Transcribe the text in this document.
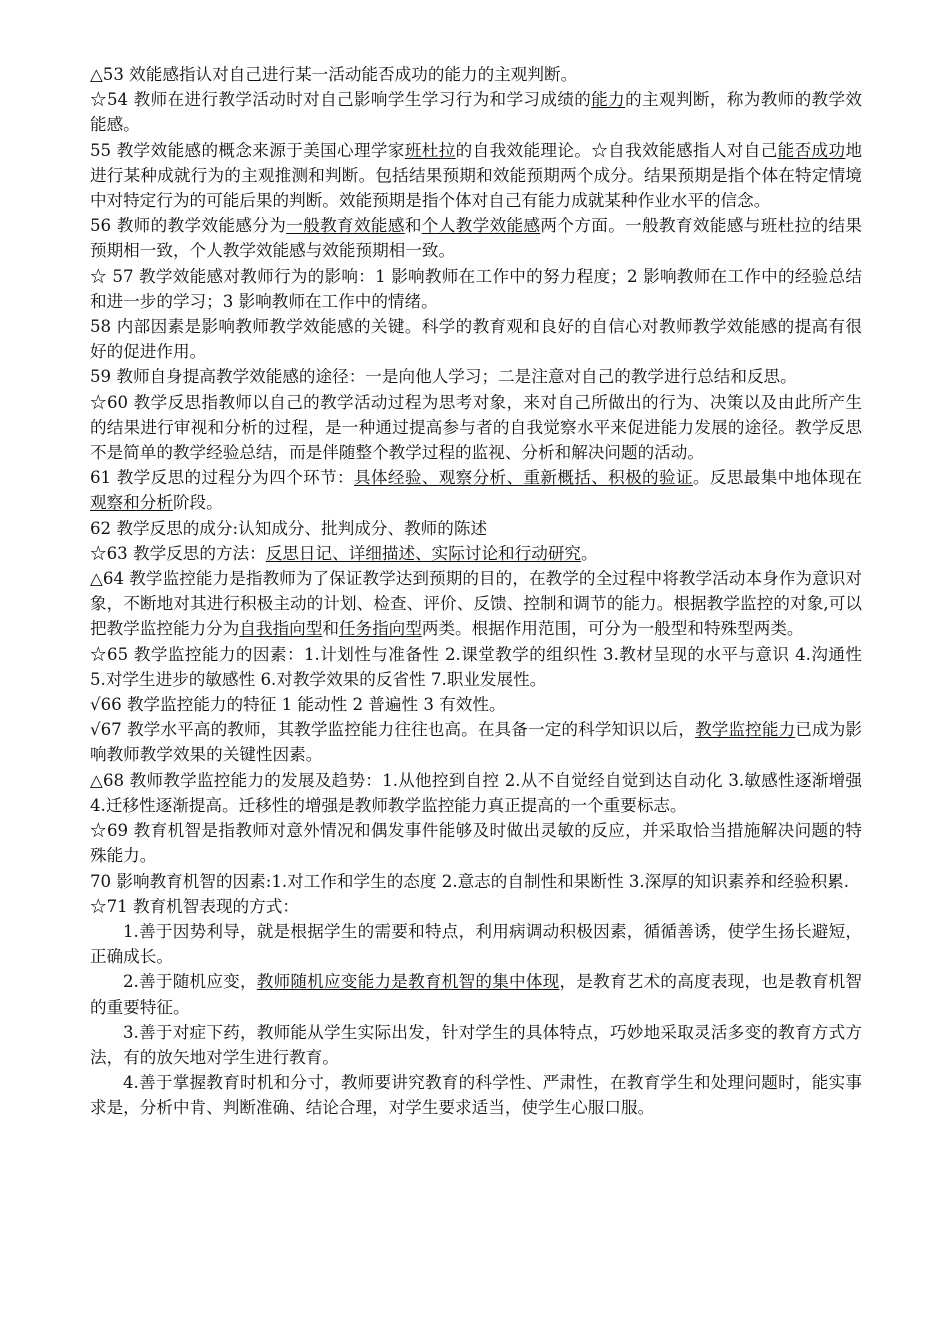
△53 效能感指认对自己进行某一活动能否成功的能力的主观判断。

☆54 教师在进行教学活动时对自己影响学生学习行为和学习成绩的能力的主观判断，称为教师的教学效能感。

55 教学效能感的概念来源于美国心理学家班杜拉的自我效能理论。☆自我效能感指人对自己能否成功地进行某种成就行为的主观推测和判断。包括结果预期和效能预期两个成分。结果预期是指个体在特定情境中对特定行为的可能后果的判断。效能预期是指个体对自己有能力成就某种作业水平的信念。

56 教师的教学效能感分为一般教育效能感和个人教学效能感两个方面。一般教育效能感与班杜拉的结果预期相一致，个人教学效能感与效能预期相一致。

☆ 57 教学效能感对教师行为的影响：1 影响教师在工作中的努力程度；2 影响教师在工作中的经验总结和进一步的学习；3 影响教师在工作中的情绪。

58 内部因素是影响教师教学效能感的关键。科学的教育观和良好的自信心对教师教学效能感的提高有很好的促进作用。

59 教师自身提高教学效能感的途径：一是向他人学习；二是注意对自己的教学进行总结和反思。

☆60 教学反思指教师以自己的教学活动过程为思考对象，来对自己所做出的行为、决策以及由此所产生的结果进行审视和分析的过程，是一种通过提高参与者的自我觉察水平来促进能力发展的途径。教学反思不是简单的教学经验总结，而是伴随整个教学过程的监视、分析和解决问题的活动。

61 教学反思的过程分为四个环节：具体经验、观察分析、重新概括、积极的验证。反思最集中地体现在观察和分析阶段。

62 教学反思的成分:认知成分、批判成分、教师的陈述

☆63 教学反思的方法：反思日记、详细描述、实际讨论和行动研究。

△64 教学监控能力是指教师为了保证教学达到预期的目的，在教学的全过程中将教学活动本身作为意识对象，不断地对其进行积极主动的计划、检查、评价、反馈、控制和调节的能力。根据教学监控的对象,可以把教学监控能力分为自我指向型和任务指向型两类。根据作用范围，可分为一般型和特殊型两类。

☆65 教学监控能力的因素：1.计划性与准备性 2.课堂教学的组织性 3.教材呈现的水平与意识 4.沟通性 5.对学生进步的敏感性 6.对教学效果的反省性 7.职业发展性。

√66 教学监控能力的特征 1 能动性 2 普遍性 3 有效性。

√67 教学水平高的教师，其教学监控能力往往也高。在具备一定的科学知识以后，教学监控能力已成为影响教师教学效果的关键性因素。

△68 教师教学监控能力的发展及趋势：1.从他控到自控 2.从不自觉经自觉到达自动化 3.敏感性逐渐增强 4.迁移性逐渐提高。迁移性的增强是教师教学监控能力真正提高的一个重要标志。

☆69 教育机智是指教师对意外情况和偶发事件能够及时做出灵敏的反应，并采取恰当措施解决问题的特殊能力。

70 影响教育机智的因素:1.对工作和学生的态度 2.意志的自制性和果断性 3.深厚的知识素养和经验积累.

☆71 教育机智表现的方式：

1.善于因势利导，就是根据学生的需要和特点，利用病调动积极因素，循循善诱，使学生扬长避短，正确成长。

2.善于随机应变，教师随机应变能力是教育机智的集中体现，是教育艺术的高度表现，也是教育机智的重要特征。

3.善于对症下药，教师能从学生实际出发，针对学生的具体特点，巧妙地采取灵活多变的教育方式方法，有的放矢地对学生进行教育。

4.善于掌握教育时机和分寸，教师要讲究教育的科学性、严肃性，在教育学生和处理问题时，能实事求是，分析中肯、判断准确、结论合理，对学生要求适当，使学生心服口服。
